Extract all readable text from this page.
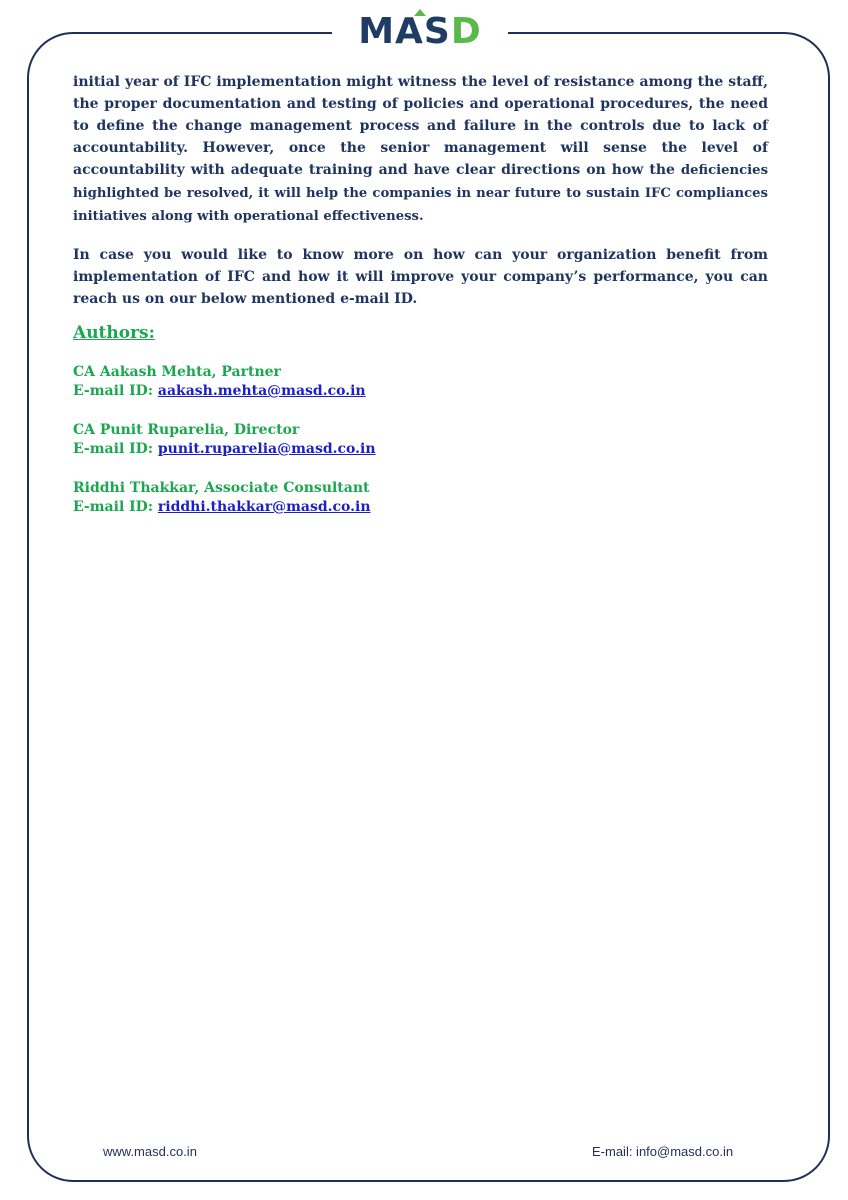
MASD

initial year of IFC implementation might witness the level of resistance among the staff, the proper documentation and testing of policies and operational procedures, the need to define the change management process and failure in the controls due to lack of accountability. However, once the senior management will sense the level of accountability with adequate training and have clear directions on how the deficiencies highlighted be resolved, it will help the companies in near future to sustain IFC compliances initiatives along with operational effectiveness.

In case you would like to know more on how can your organization benefit from implementation of IFC and how it will improve your company’s performance, you can reach us on our below mentioned e-mail ID.

Authors:
CA Aakash Mehta, Partner
E-mail ID: aakash.mehta@masd.co.in
CA Punit Ruparelia, Director
E-mail ID: punit.ruparelia@masd.co.in
Riddhi Thakkar, Associate Consultant
E-mail ID: riddhi.thakkar@masd.co.in
www.masd.co.in	E-mail: info@masd.co.in
